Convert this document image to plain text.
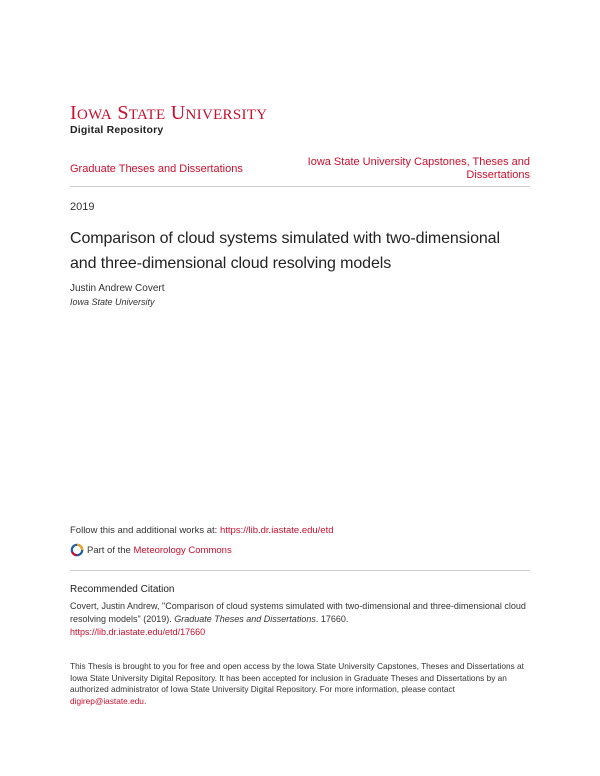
IOWA STATE UNIVERSITY
Digital Repository
Graduate Theses and Dissertations
Iowa State University Capstones, Theses and Dissertations
2019
Comparison of cloud systems simulated with two-dimensional and three-dimensional cloud resolving models
Justin Andrew Covert
Iowa State University
Follow this and additional works at: https://lib.dr.iastate.edu/etd
Part of the
Meteorology Commons
Recommended Citation
Covert, Justin Andrew, "Comparison of cloud systems simulated with two-dimensional and three-dimensional cloud resolving models" (2019). Graduate Theses and Dissertations. 17660.
https://lib.dr.iastate.edu/etd/17660
This Thesis is brought to you for free and open access by the Iowa State University Capstones, Theses and Dissertations at Iowa State University Digital Repository. It has been accepted for inclusion in Graduate Theses and Dissertations by an authorized administrator of Iowa State University Digital Repository. For more information, please contact digirep@iastate.edu.
